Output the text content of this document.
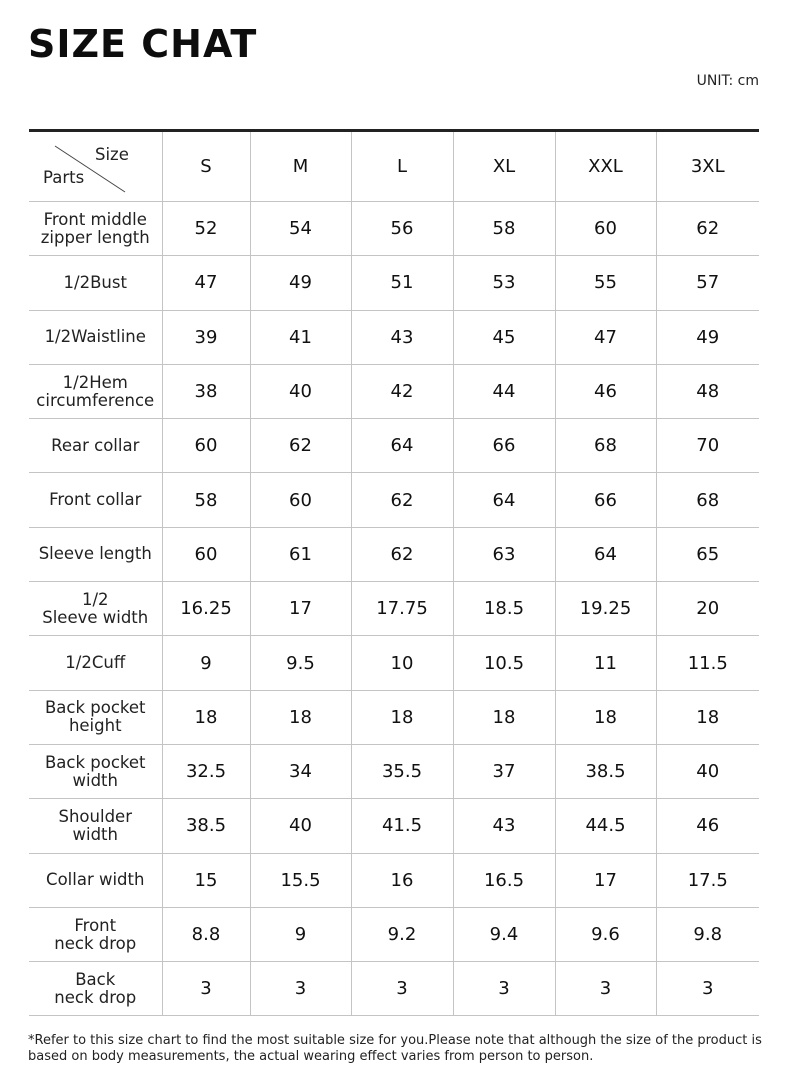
SIZE CHAT
UNIT: cm
Size
Parts	S	M	L	XL	XXL	3XL
Front middle
zipper length	52	54	56	58	60	62
1/2Bust	47	49	51	53	55	57
1/2Waistline	39	41	43	45	47	49
1/2Hem
circumference	38	40	42	44	46	48
Rear collar	60	62	64	66	68	70
Front collar	58	60	62	64	66	68
Sleeve length	60	61	62	63	64	65
1/2
Sleeve width	16.25	17	17.75	18.5	19.25	20
1/2Cuff	9	9.5	10	10.5	11	11.5
Back pocket
height	18	18	18	18	18	18
Back pocket
width	32.5	34	35.5	37	38.5	40
Shoulder
width	38.5	40	41.5	43	44.5	46
Collar width	15	15.5	16	16.5	17	17.5
Front
neck drop	8.8	9	9.2	9.4	9.6	9.8
Back
neck drop	3	3	3	3	3	3
*Refer to this size chart to find the most suitable size for you.Please note that although the size of the product is based on body measurements, the actual wearing effect varies from person to person.
